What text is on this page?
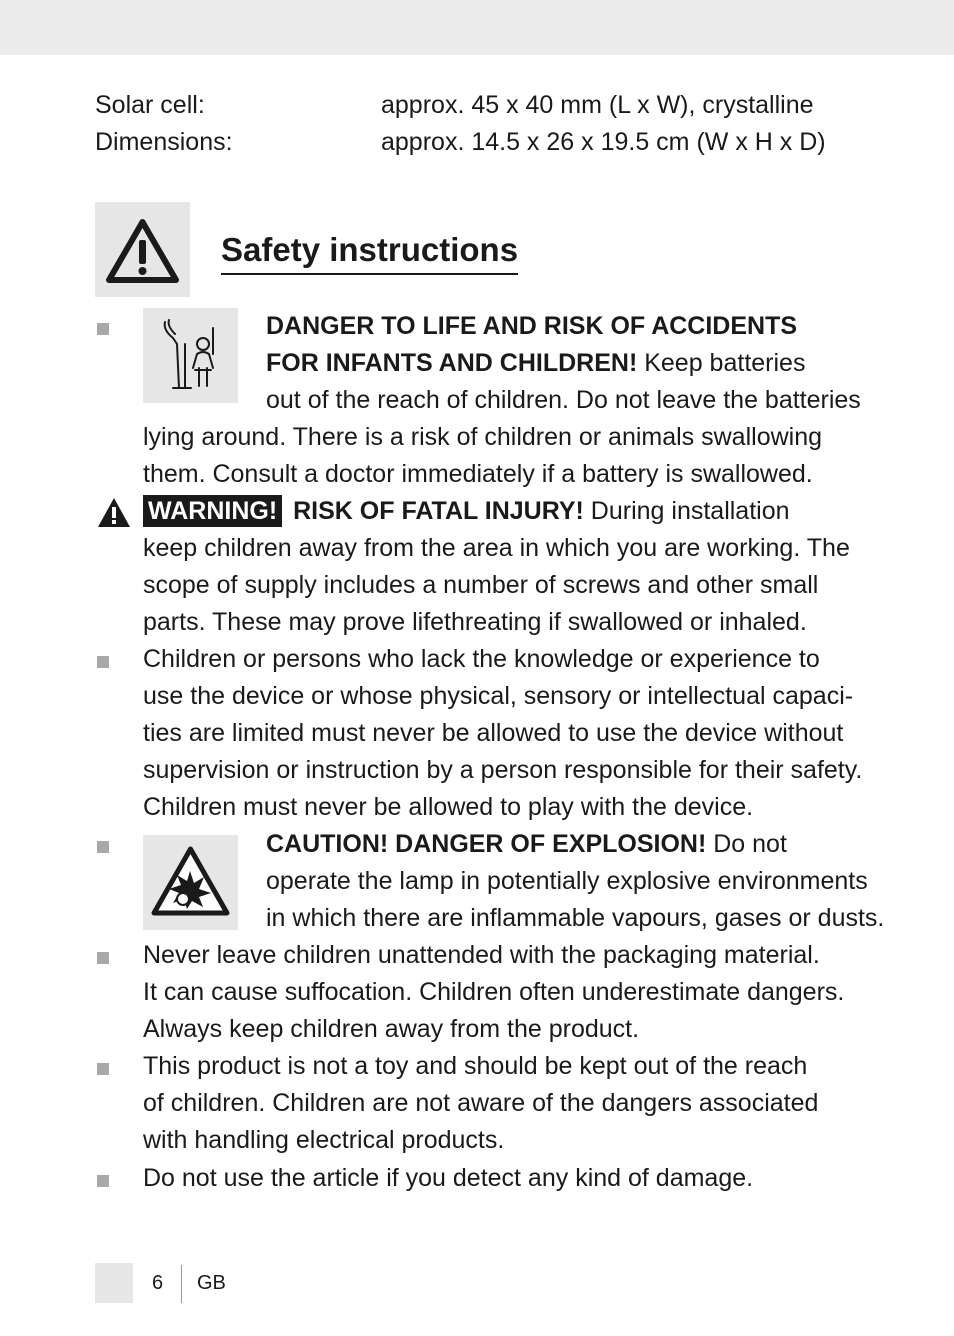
Solar cell:	approx. 45 x 40 mm (L x W), crystalline
Dimensions:	approx. 14.5 x 26 x 19.5 cm (W x H x D)
Safety instructions
DANGER TO LIFE AND RISK OF ACCIDENTS
FOR INFANTS AND CHILDREN! Keep batteries
out of the reach of children. Do not leave the batteries
lying around. There is a risk of children or animals swallowing
them. Consult a doctor immediately if a battery is swallowed.
WARNING! RISK OF FATAL INJURY! During installation
keep children away from the area in which you are working. The
scope of supply includes a number of screws and other small
parts. These may prove lifethreating if swallowed or inhaled.
Children or persons who lack the knowledge or experience to
use the device or whose physical, sensory or intellectual capaci-
ties are limited must never be allowed to use the device without
supervision or instruction by a person responsible for their safety.
Children must never be allowed to play with the device.
CAUTION! DANGER OF EXPLOSION! Do not
operate the lamp in potentially explosive environments
in which there are inflammable vapours, gases or dusts.
Never leave children unattended with the packaging material.
It can cause suffocation. Children often underestimate dangers.
Always keep children away from the product.
This product is not a toy and should be kept out of the reach
of children. Children are not aware of the dangers associated
with handling electrical products.
Do not use the article if you detect any kind of damage.
6 GB
